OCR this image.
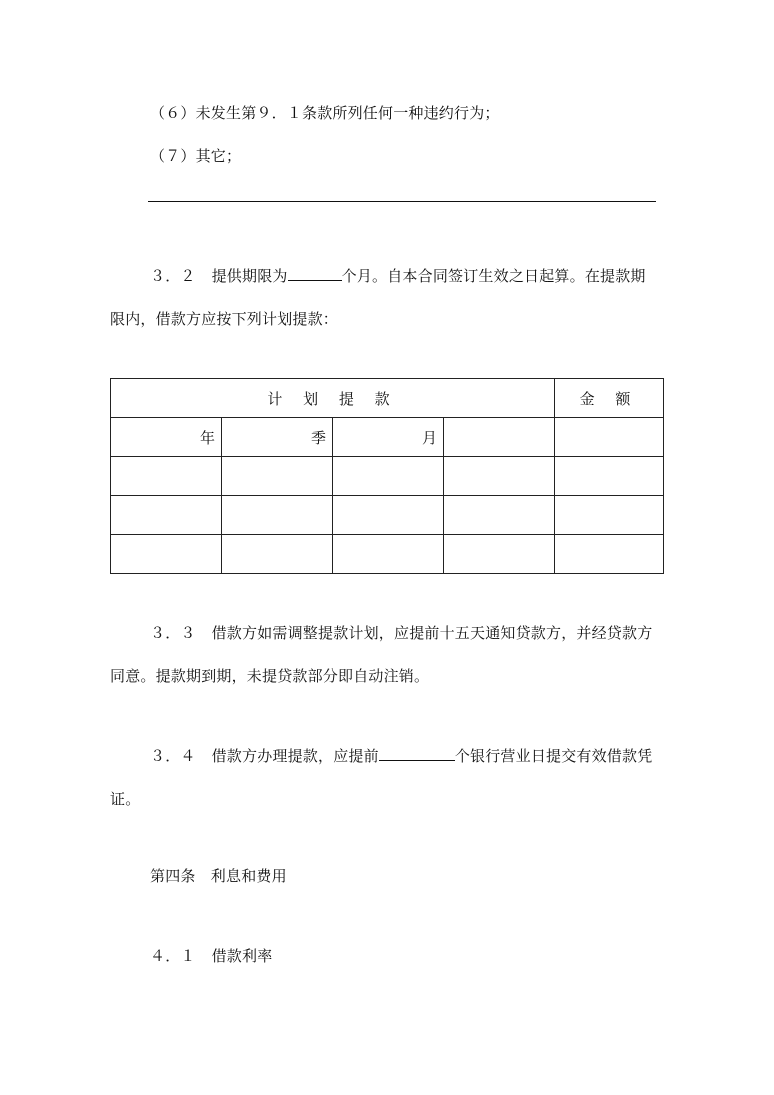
（６）未发生第９．１条款所列任何一种违约行为；
（７）其它；
３．２ 提供期限为	个月。自本合同签订生效之日起算。在提款期
限内，借款方应按下列计划提款：
计 划 提 款				金 额
年	季	月		

３．３ 借款方如需调整提款计划，应提前十五天通知贷款方，并经贷款方
同意。提款期到期，未提贷款部分即自动注销。
３．４ 借款方办理提款，应提前	个银行营业日提交有效借款凭
证。
第四条　利息和费用
４．１ 借款利率
